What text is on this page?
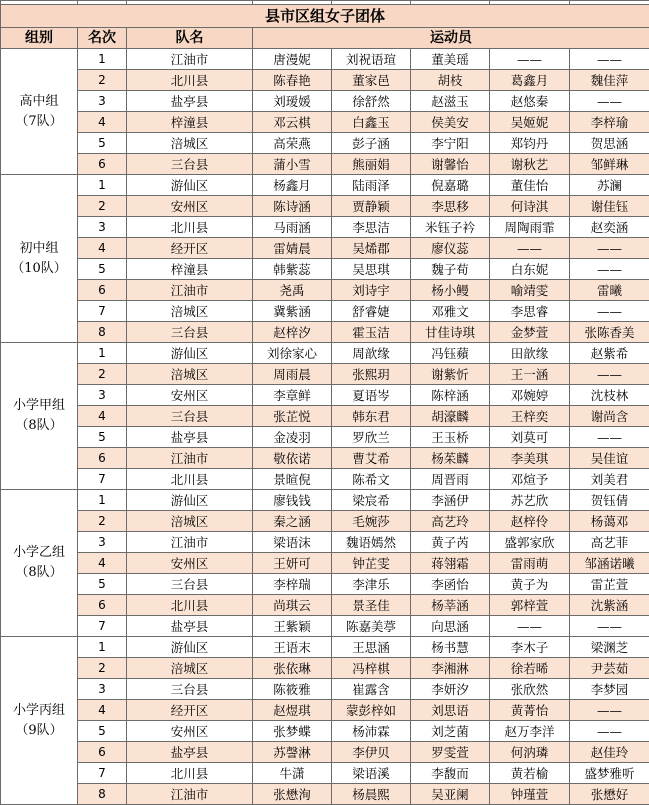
县市区组女子团体							
组别	名次	队名	运动员				

高中组
（7队）	1	江油市	唐漫妮	刘祝语瑄	董美瑶	——	——
	2	北川县	陈春艳	董家邑	胡枝	葛鑫月	魏佳萍
	3	盐亭县	刘瑷媛	徐舒然	赵滋玉	赵悠秦	——
	4	梓潼县	邓云棋	白鑫玉	侯美安	吴姬妮	李梓瑜
	5	涪城区	高荣燕	彭子涵	李宁阳	郑钧丹	贺思涵
	6	三台县	蒲小雪	熊丽娟	谢馨怡	谢秋艺	邹鲜琳

初中组
（10队）	1	游仙区	杨鑫月	陆雨泽	倪嘉璐	董佳怡	苏澜
	2	安州区	陈诗涵	贾静颖	李思移	何诗淇	谢佳钰
	3	北川县	马雨涵	李思洁	米钰子衿	周陶雨霏	赵奕涵
	4	经开区	雷婧晨	吴烯郡	廖仪蕊	——	——
	5	梓潼县	韩紫蕊	吴思琪	魏子荀	白东妮	——
	6	江油市	尧禹	刘诗宇	杨小鳗	喻靖雯	雷曦
	7	涪城区	冀紫涵	舒睿婕	邓雅文	李思睿	——
	8	三台县	赵梓汐	霍玉洁	甘佳诗琪	金梦萱	张陈香美

小学甲组
（8队）	1	游仙区	刘徐家心	周歆缘	冯钰蘋	田歆缘	赵紫希
	2	涪城区	周雨晨	张熙玥	谢紫忻	王一涵	——
	3	安州区	李章鲜	夏语岑	陈梓涵	邓婉婷	沈枝林
	4	三台县	张芷悦	韩东君	胡濠麟	王梓奕	谢尚含
	5	盐亭县	金凌羽	罗欣兰	王玉桥	刘莫可	——
	6	江油市	敬依诺	曹艾希	杨茱麟	李美琪	吴佳谊
	7	北川县	景暄倪	陈希文	周晋雨	邓煊予	刘美君

小学乙组
（8队）	1	游仙区	廖钱钱	梁宸希	李涵伊	苏艺欣	贺钰倩
	2	涪城区	秦之涵	毛婉莎	高艺玲	赵梓伶	杨蔼邓
	3	江油市	梁语沫	魏语嫣然	黄子芮	盛郭家欣	高艺菲
	4	安州区	王妍可	钟芷雯	蒋翎霜	雷雨萌	邹涵诺曦
	5	三台县	李梓瑞	李津乐	李函怡	黄子为	雷芷萱
	6	北川县	尚琪云	景圣佳	杨莘涵	郭梓萱	沈紫涵
	7	盐亭县	王紫颖	陈嘉美葶	向思涵	——	——

小学丙组
（9队）	1	游仙区	王语末	王思涵	杨书慧	李木子	梁渊芝
	2	涪城区	张依琳	冯梓棋	李湘淋	徐若晞	尹芸茹
	3	三台县	陈筱雅	崔露含	李妍汐	张欣然	李梦园
	4	经开区	赵煜琪	蒙彭梓如	刘思语	黄菁怡	——
	5	安州区	张梦蝶	杨沛霖	刘芝菌	赵万李洋	——
	6	盐亭县	苏謦淋	李伊贝	罗雯萱	何汭璘	赵佳玲
	7	北川县	牛潇	梁语溪	李馥而	黄若榆	盛梦雅听
	8	江油市	张懋洵	杨晨熙	吴亚阑	钟瑾萱	张懋好
